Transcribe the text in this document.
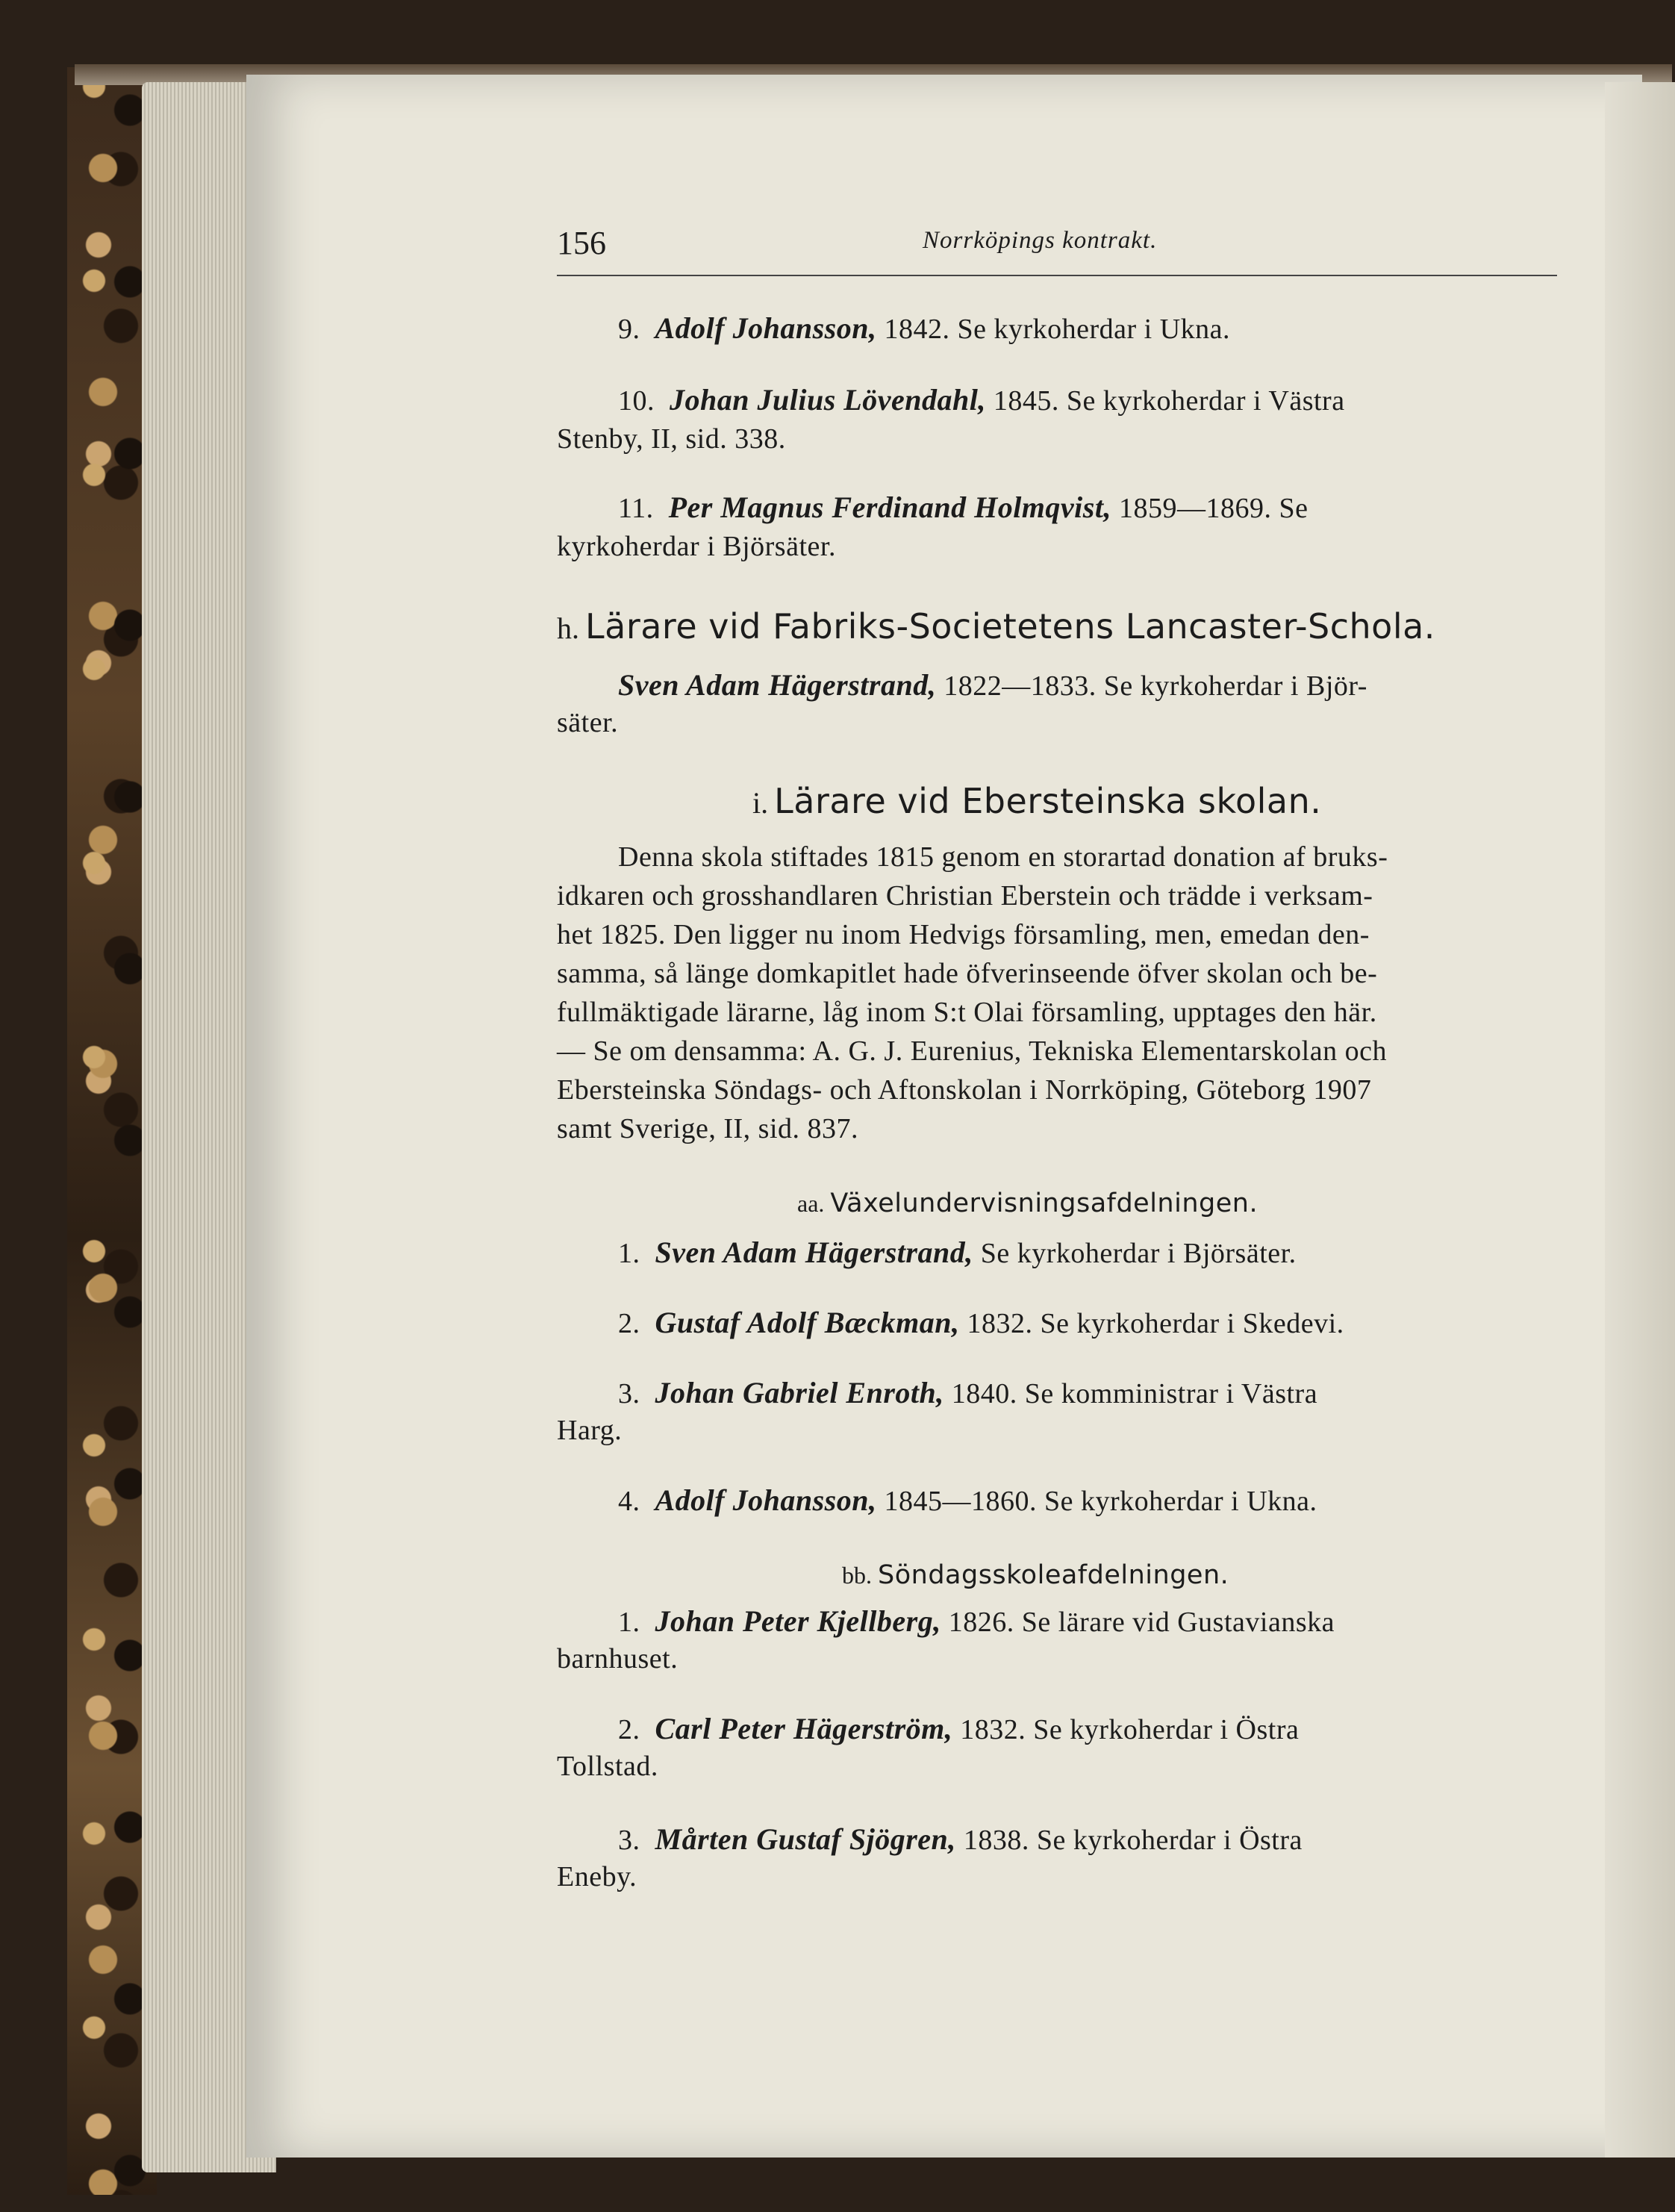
156	Norrköpings kontrakt.
9. Adolf Johansson, 1842. Se kyrkoherdar i Ukna.
10. Johan Julius Lövendahl, 1845. Se kyrkoherdar i Västra
Stenby, II, sid. 338.
11. Per Magnus Ferdinand Holmqvist, 1859—1869. Se
kyrkoherdar i Björsäter.
h. Lärare vid Fabriks-Societetens Lancaster-Schola.
Sven Adam Hägerstrand, 1822—1833. Se kyrkoherdar i Björ-
säter.
i. Lärare vid Ebersteinska skolan.
Denna skola stiftades 1815 genom en storartad donation af bruks-
idkaren och grosshandlaren Christian Eberstein och trädde i verksam-
het 1825. Den ligger nu inom Hedvigs församling, men, emedan den-
samma, så länge domkapitlet hade öfverinseende öfver skolan och be-
fullmäktigade lärarne, låg inom S:t Olai församling, upptages den här.
— Se om densamma: A. G. J. Eurenius, Tekniska Elementarskolan och
Ebersteinska Söndags- och Aftonskolan i Norrköping, Göteborg 1907
samt Sverige, II, sid. 837.
aa. Växelundervisningsafdelningen.
1. Sven Adam Hägerstrand, Se kyrkoherdar i Björsäter.
2. Gustaf Adolf Bæckman, 1832. Se kyrkoherdar i Skedevi.
3. Johan Gabriel Enroth, 1840. Se komministrar i Västra
Harg.
4. Adolf Johansson, 1845—1860. Se kyrkoherdar i Ukna.
bb. Söndagsskoleafdelningen.
1. Johan Peter Kjellberg, 1826. Se lärare vid Gustavianska
barnhuset.
2. Carl Peter Hägerström, 1832. Se kyrkoherdar i Östra
Tollstad.
3. Mårten Gustaf Sjögren, 1838. Se kyrkoherdar i Östra
Eneby.
